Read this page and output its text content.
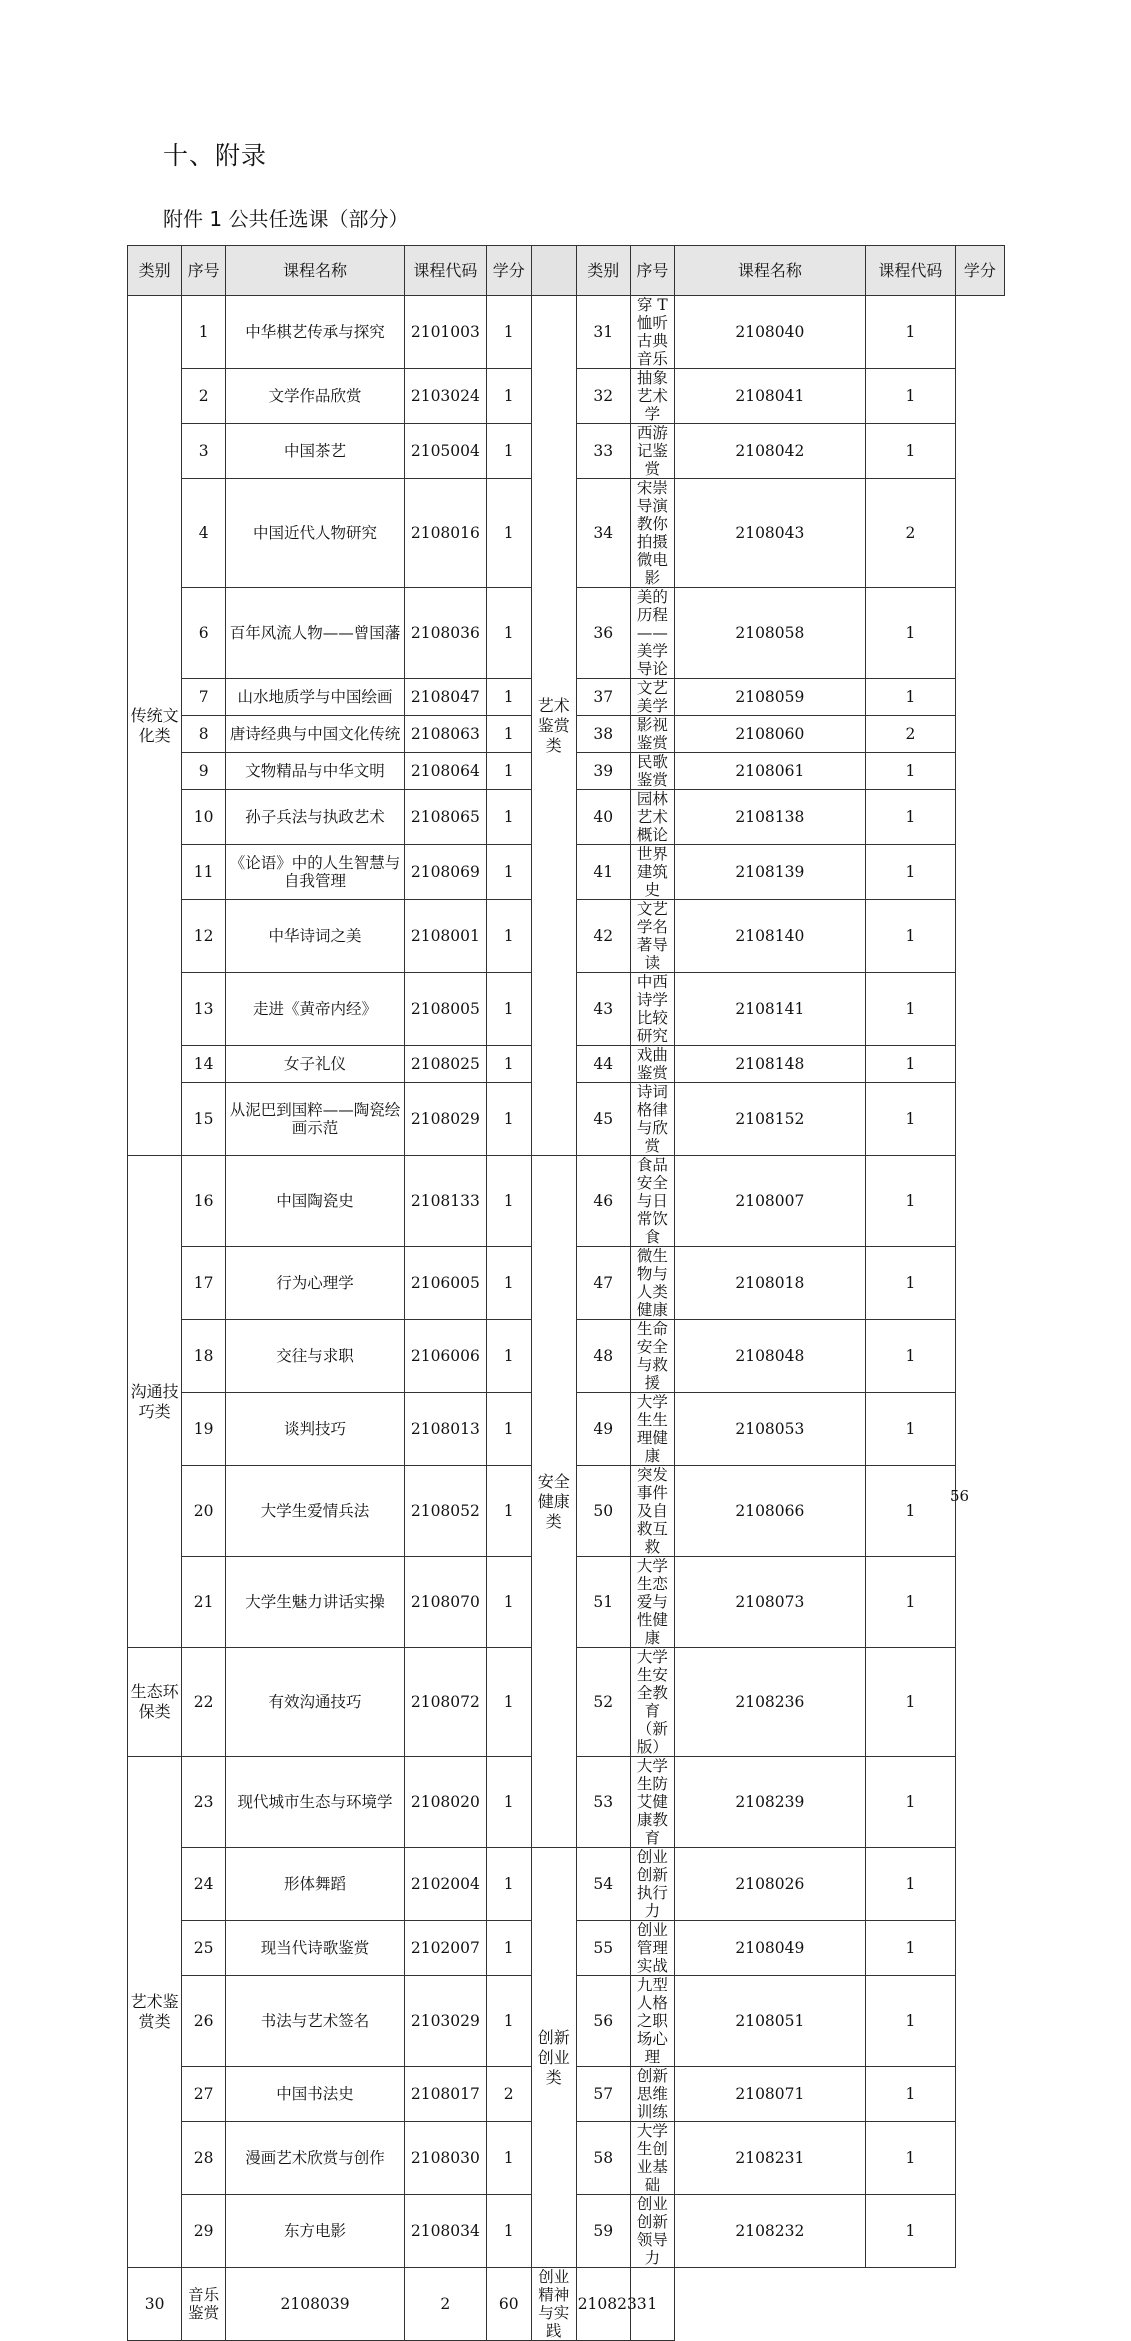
十、附录
附件 1 公共任选课（部分）
类别	序号	课程名称	课程代码	学分		类别	序号	课程名称	课程代码	学分
传统文化类	1	中华棋艺传承与探究	2101003	1	艺术鉴赏类	31	穿 T 恤听古典音乐	2108040	1	
	2	文学作品欣赏	2103024	1		32	抽象艺术学	2108041	1	
	3	中国茶艺	2105004	1		33	西游记鉴赏	2108042	1	
	4	中国近代人物研究	2108016	1		34	宋崇导演教你拍摄微电影	2108043	2	
	6	百年风流人物——曾国藩	2108036	1		36	美的历程——美学导论	2108058	1	
	7	山水地质学与中国绘画	2108047	1		37	文艺美学	2108059	1	
	8	唐诗经典与中国文化传统	2108063	1		38	影视鉴赏	2108060	2	
	9	文物精品与中华文明	2108064	1		39	民歌鉴赏	2108061	1	
	10	孙子兵法与执政艺术	2108065	1		40	园林艺术概论	2108138	1	
	11	《论语》中的人生智慧与自我管理	2108069	1		41	世界建筑史	2108139	1	
	12	中华诗词之美	2108001	1		42	文艺学名著导读	2108140	1	
	13	走进《黄帝内经》	2108005	1		43	中西诗学比较研究	2108141	1	
	14	女子礼仪	2108025	1		44	戏曲鉴赏	2108148	1	
	15	从泥巴到国粹——陶瓷绘画示范	2108029	1		45	诗词格律与欣赏	2108152	1	
沟通技巧类	16	中国陶瓷史	2108133	1	安全健康类	46	食品安全与日常饮食	2108007	1	
	17	行为心理学	2106005	1		47	微生物与人类健康	2108018	1	
	18	交往与求职	2106006	1		48	生命安全与救援	2108048	1	
	19	谈判技巧	2108013	1		49	大学生生理健康	2108053	1	
	20	大学生爱情兵法	2108052	1		50	突发事件及自救互救	2108066	1	
	21	大学生魅力讲话实操	2108070	1		51	大学生恋爱与性健康	2108073	1	
生态环保类	22	有效沟通技巧	2108072	1		52	大学生安全教育（新版）	2108236	1	
艺术鉴赏类	23	现代城市生态与环境学	2108020	1		53	大学生防艾健康教育	2108239	1	
	24	形体舞蹈	2102004	1	创新创业类	54	创业创新执行力	2108026	1	
	25	现当代诗歌鉴赏	2102007	1		55	创业管理实战	2108049	1	
	26	书法与艺术签名	2103029	1		56	九型人格之职场心理	2108051	1	
	27	中国书法史	2108017	2		57	创新思维训练	2108071	1	
	28	漫画艺术欣赏与创作	2108030	1		58	大学生创业基础	2108231	1	
	29	东方电影	2108034	1		59	创业创新领导力	2108232	1	
30	音乐鉴赏	2108039	2	60	创业精神与实践	2108233	1			
56
